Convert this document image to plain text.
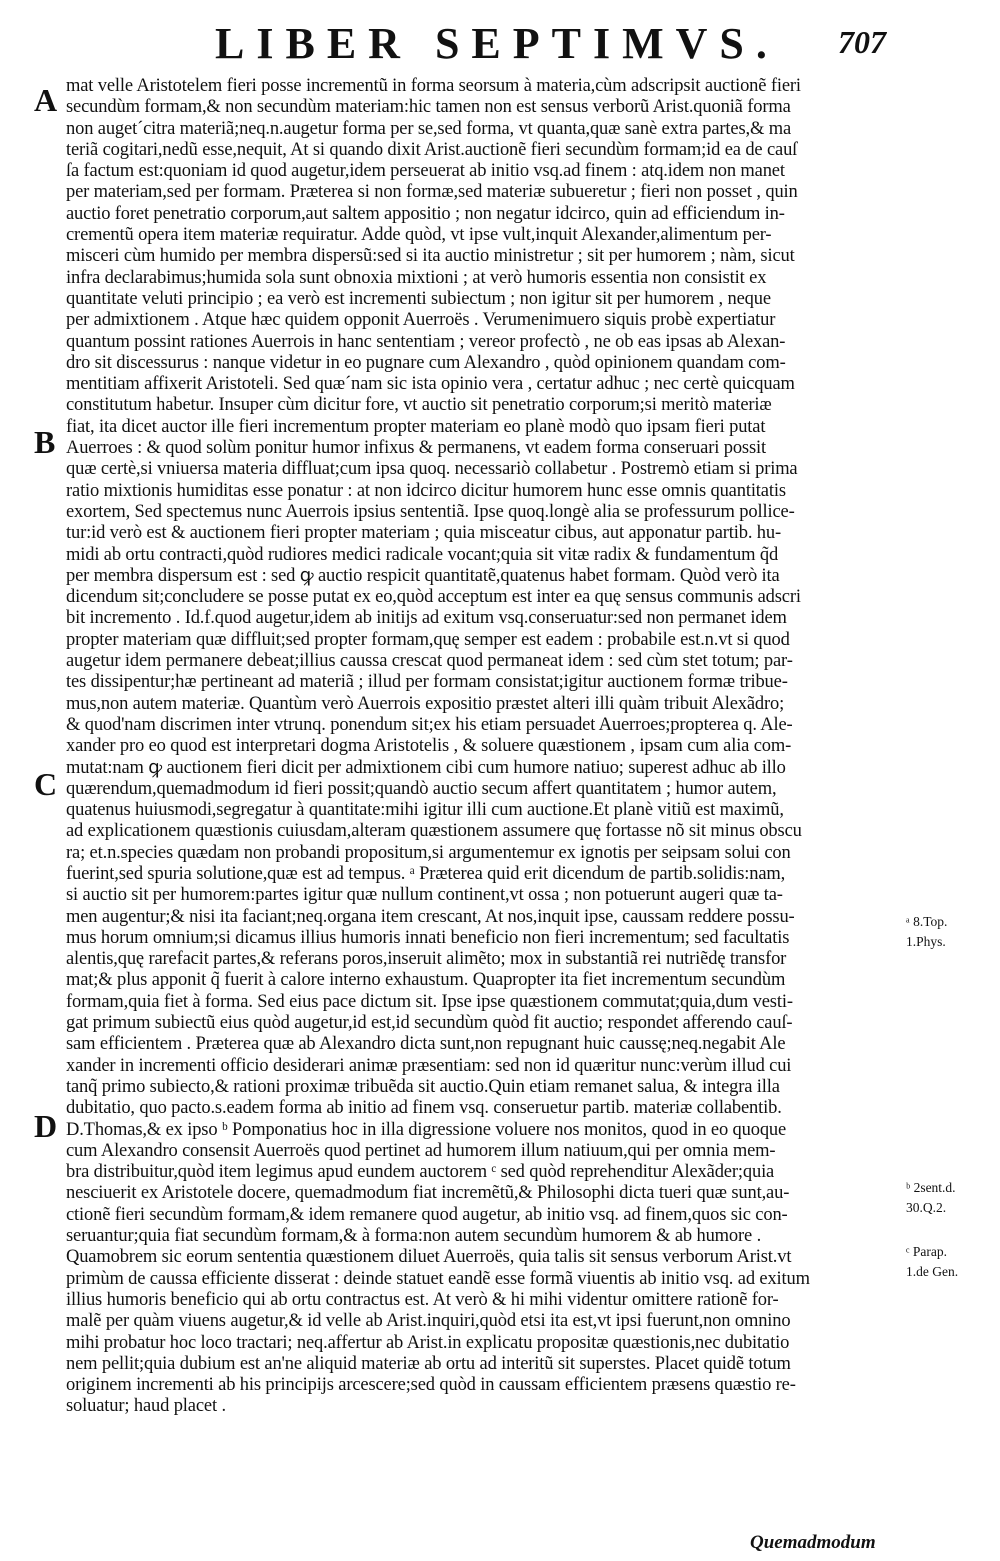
LIBER SEPTIMVS. 707
A
B
C
D
mat velle Aristotelem fieri posse incrementũ in forma seorsum à materia,cùm adscripsit auctionẽ fieri
secundùm formam,& non secundùm materiam:hic tamen non est sensus verborũ Arist.quoniã forma
non augetˊcitra materiã;neq.n.augetur forma per se,sed forma, vt quanta,quæ sanè extra partes,& ma
teriã cogitari,nedũ esse,nequit, At si quando dixit Arist.auctionẽ fieri secundùm formam;id ea de cauſ
ſa factum est:quoniam id quod augetur,idem perseuerat ab initio vsq.ad finem : atq.idem non manet
per materiam,sed per formam. Præterea si non formæ,sed materiæ subueretur ; fieri non posset , quin
auctio foret penetratio corporum,aut saltem appositio ; non negatur idcirco, quin ad efficiendum in-
crementũ opera item materiæ requiratur. Adde quòd, vt ipse vult,inquit Alexander,alimentum per-
misceri cùm humido per membra dispersũ:sed si ita auctio ministretur ; sit per humorem ; nàm, sicut
infra declarabimus;humida sola sunt obnoxia mixtioni ; at verò humoris essentia non consistit ex
quantitate veluti principio ; ea verò est incrementi subiectum ; non igitur sit per humorem , neque
per admixtionem . Atque hæc quidem opponit Auerroës . Verumenimuero siquis probè expertiatur
quantum possint rationes Auerrois in hanc sententiam ; vereor profectò , ne ob eas ipsas ab Alexan-
dro sit discessurus : nanque videtur in eo pugnare cum Alexandro , quòd opinionem quandam com-
mentitiam affixerit Aristoteli. Sed quæˊnam sic ista opinio vera , certatur adhuc ; nec certè quicquam
constitutum habetur. Insuper cùm dicitur fore, vt auctio sit penetratio corporum;si meritò materiæ
fiat, ita dicet auctor ille fieri incrementum propter materiam eo planè modò quo ipsam fieri putat
Auerroes : & quod solùm ponitur humor infixus & permanens, vt eadem forma conseruari possit
quæ certè,si vniuersa materia diffluat;cum ipsa quoq. necessariò collabetur . Postremò etiam si prima
ratio mixtionis humiditas esse ponatur : at non idcirco dicitur humorem hunc esse omnis quantitatis
exortem, Sed spectemus nunc Auerrois ipsius sententiã. Ipse quoq.longè alia se professurum pollice-
tur:id verò est & auctionem fieri propter materiam ; quia misceatur cibus, aut apponatur partib. hu-
midi ab ortu contracti,quòd rudiores medici radicale vocant;quia sit vitæ radix & fundamentum q̃d
per membra dispersum est : sed ꝙ auctio respicit quantitatẽ,quatenus habet formam. Quòd verò ita
dicendum sit;concludere se posse putat ex eo,quòd acceptum est inter ea quę sensus communis adscri
bit incremento . Id.f.quod augetur,idem ab initijs ad exitum vsq.conseruatur:sed non permanet idem
propter materiam quæ diffluit;sed propter formam,quę semper est eadem : probabile est.n.vt si quod
augetur idem permanere debeat;illius caussa crescat quod permaneat idem : sed cùm stet totum; par-
tes dissipentur;hæ pertineant ad materiã ; illud per formam consistat;igitur auctionem formæ tribue-
mus,non autem materiæ. Quantùm verò Auerrois expositio præstet alteri illi quàm tribuit Alexãdro;
& quod'nam discrimen inter vtrunq. ponendum sit;ex his etiam persuadet Auerroes;propterea q. Ale-
xander pro eo quod est interpretari dogma Aristotelis , & soluere quæstionem , ipsam cum alia com-
mutat:nam ꝙ auctionem fieri dicit per admixtionem cibi cum humore natiuo; superest adhuc ab illo
quærendum,quemadmodum id fieri possit;quandò auctio secum affert quantitatem ; humor autem,
quatenus huiusmodi,segregatur à quantitate:mihi igitur illi cum auctione.Et planè vitiũ est maximũ,
ad explicationem quæstionis cuiusdam,alteram quæstionem assumere quę fortasse nõ sit minus obscu
ra; et.n.species quædam non probandi propositum,si argumentemur ex ignotis per seipsam solui con
fuerint,sed spuria solutione,quæ est ad tempus. ᵃ Præterea quid erit dicendum de partib.solidis:nam,
si auctio sit per humorem:partes igitur quæ nullum continent,vt ossa ; non potuerunt augeri quæ ta-
men augentur;& nisi ita faciant;neq.organa item crescant, At nos,inquit ipse, caussam reddere possu-
mus horum omnium;si dicamus illius humoris innati beneficio non fieri incrementum; sed facultatis
alentis,quę rarefacit partes,& referans poros,inseruit alimẽto; mox in substantiã rei nutriẽdę transfor
mat;& plus apponit q̃ fuerit à calore interno exhaustum. Quapropter ita fiet incrementum secundùm
formam,quia fiet à forma. Sed eius pace dictum sit. Ipse ipse quæstionem commutat;quia,dum vesti-
gat primum subiectũ eius quòd augetur,id est,id secundùm quòd fit auctio; respondet afferendo cauſ-
sam efficientem . Præterea quæ ab Alexandro dicta sunt,non repugnant huic caussę;neq.negabit Ale
xander in incrementi officio desiderari animæ præsentiam: sed non id quæritur nunc:verùm illud cui
tanq̃ primo subiecto,& rationi proximæ tribuẽda sit auctio.Quin etiam remanet salua, & integra illa
dubitatio, quo pacto.s.eadem forma ab initio ad finem vsq. conseruetur partib. materiæ collabentib.
D.Thomas,& ex ipso ᵇ Pomponatius hoc in illa digressione voluere nos monitos, quod in eo quoque
cum Alexandro consensit Auerroës quod pertinet ad humorem illum natiuum,qui per omnia mem-
bra distribuitur,quòd item legimus apud eundem auctorem ᶜ sed quòd reprehenditur Alexãder;quia
nesciuerit ex Aristotele docere, quemadmodum fiat incremẽtũ,& Philosophi dicta tueri quæ sunt,au-
ctionẽ fieri secundùm formam,& idem remanere quod augetur, ab initio vsq. ad finem,quos sic con-
seruantur;quia fiat secundùm formam,& à forma:non autem secundùm humorem & ab humore .
Quamobrem sic eorum sententia quæstionem diluet Auerroës, quia talis sit sensus verborum Arist.vt
primùm de caussa efficiente disserat : deinde statuet eandẽ esse formã viuentis ab initio vsq. ad exitum
illius humoris beneficio qui ab ortu contractus est. At verò & hi mihi videntur omittere rationẽ for-
malẽ per quàm viuens augetur,& id velle ab Arist.inquiri,quòd etsi ita est,vt ipsi fuerunt,non omnino
mihi probatur hoc loco tractari; neq.affertur ab Arist.in explicatu propositæ quæstionis,nec dubitatio
nem pellit;quia dubium est an'ne aliquid materiæ ab ortu ad interitũ sit superstes. Placet quidẽ totum
originem incrementi ab his principijs arcescere;sed quòd in caussam efficientem præsens quæstio re-
soluatur; haud placet .
ᵃ 8.Top.
1.Phys.
ᵇ 2sent.d.
30.Q.2.
ᶜ Parap.
1.de Gen.
Quemadmodum
